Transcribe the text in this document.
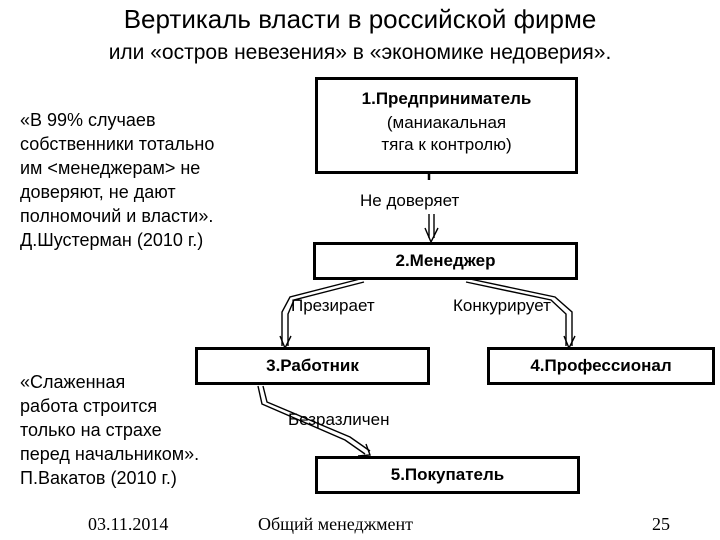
Вертикаль власти в российской фирме
или «остров невезения» в «экономике недоверия».
«В 99% случаев
собственники тотально
им <менеджерам> не
доверяют, не дают
полномочий и власти».
Д.Шустерман (2010 г.)
«Слаженная
работа строится
только на страхе
перед начальником».
П.Вакатов (2010 г.)
1.Предприниматель
(маниакальная
тяга к контролю)
2.Менеджер
3.Работник	4.Профессионал
5.Покупатель
Не доверяет
Презирает	Конкурирует
Безразличен
03.11.2014	Общий менеджмент	25
